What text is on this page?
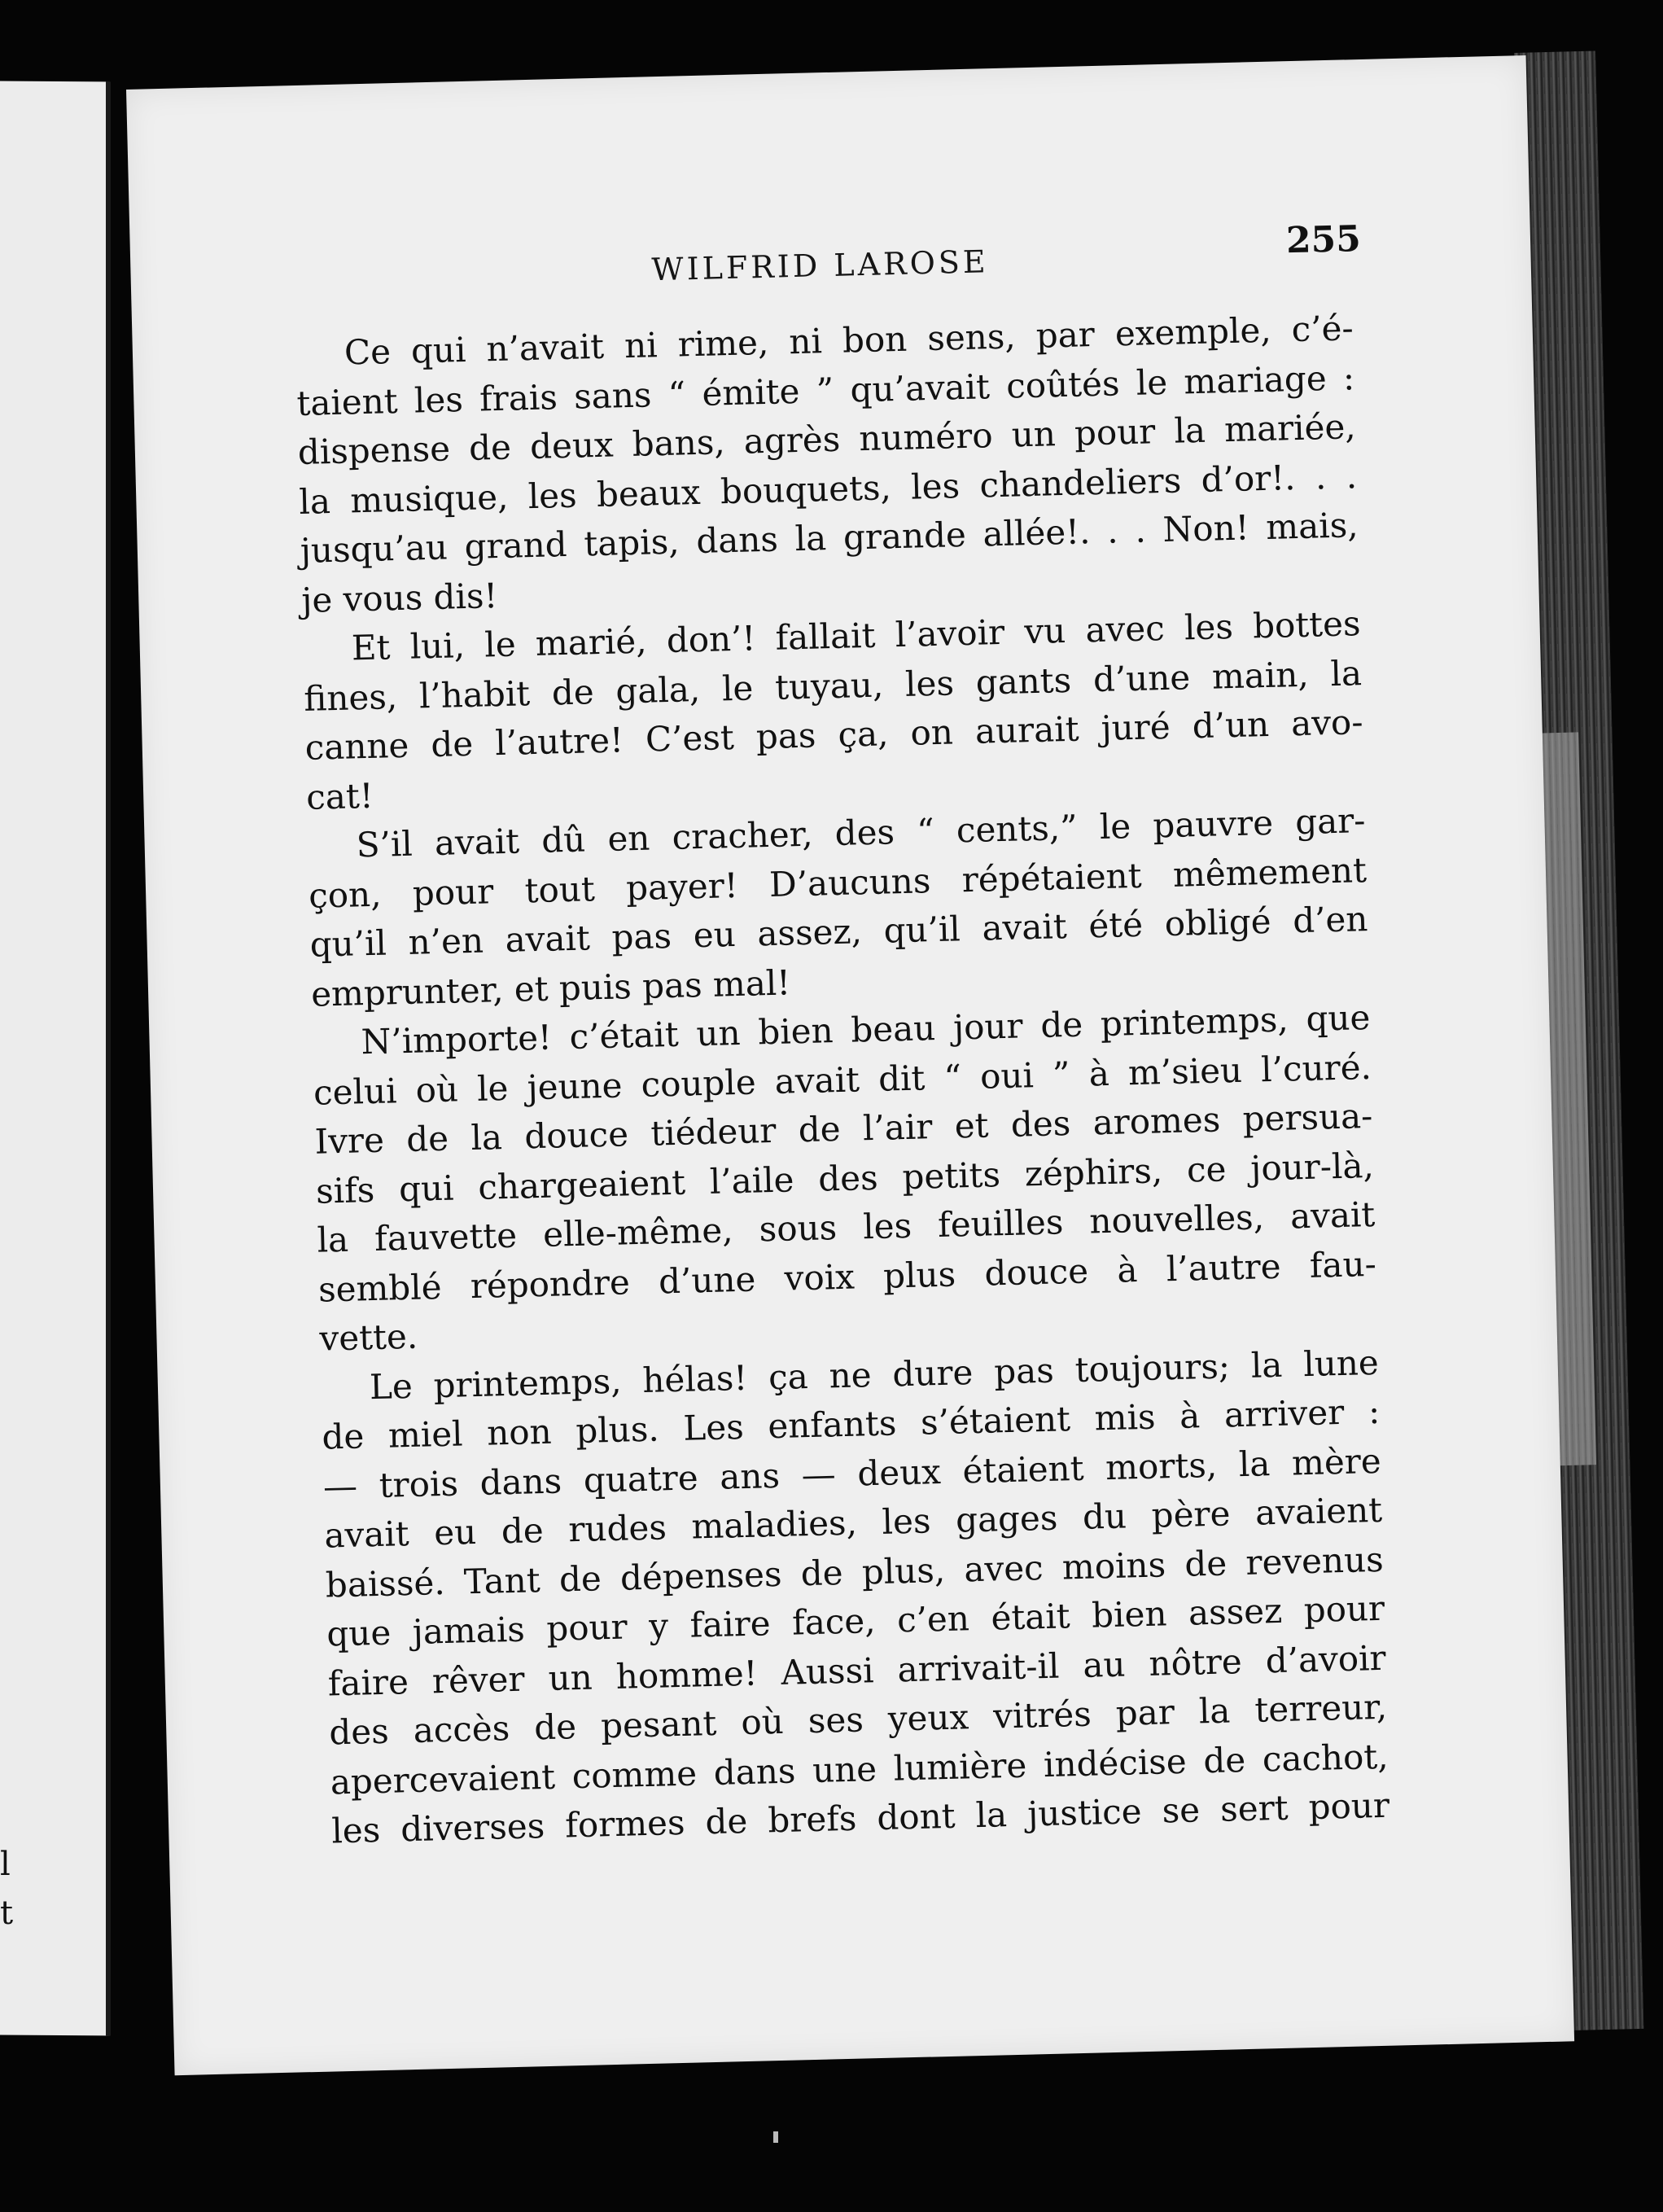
l
t
WILFRID LAROSE
255
Ce qui n’avait ni rime, ni bon sens, par exemple, c’é-
taient les frais sans “ émite ” qu’avait coûtés le mariage :
dispense de deux bans, agrès numéro un pour la mariée,
la musique, les beaux bouquets, les chandeliers d’or!. . .
jusqu’au grand tapis, dans la grande allée!. . . Non! mais,
je vous dis!
Et lui, le marié, don’! fallait l’avoir vu avec les bottes
fines, l’habit de gala, le tuyau, les gants d’une main, la
canne de l’autre! C’est pas ça, on aurait juré d’un avo-
cat!
S’il avait dû en cracher, des “ cents,” le pauvre gar-
çon, pour tout payer! D’aucuns répétaient mêmement
qu’il n’en avait pas eu assez, qu’il avait été obligé d’en
emprunter, et puis pas mal!
N’importe! c’était un bien beau jour de printemps, que
celui où le jeune couple avait dit “ oui ” à m’sieu l’curé.
Ivre de la douce tiédeur de l’air et des aromes persua-
sifs qui chargeaient l’aile des petits zéphirs, ce jour-là,
la fauvette elle-même, sous les feuilles nouvelles, avait
semblé répondre d’une voix plus douce à l’autre fau-
vette.
Le printemps, hélas! ça ne dure pas toujours; la lune
de miel non plus. Les enfants s’étaient mis à arriver :
— trois dans quatre ans — deux étaient morts, la mère
avait eu de rudes maladies, les gages du père avaient
baissé. Tant de dépenses de plus, avec moins de revenus
que jamais pour y faire face, c’en était bien assez pour
faire rêver un homme! Aussi arrivait-il au nôtre d’avoir
des accès de pesant où ses yeux vitrés par la terreur,
apercevaient comme dans une lumière indécise de cachot,
les diverses formes de brefs dont la justice se sert pour
